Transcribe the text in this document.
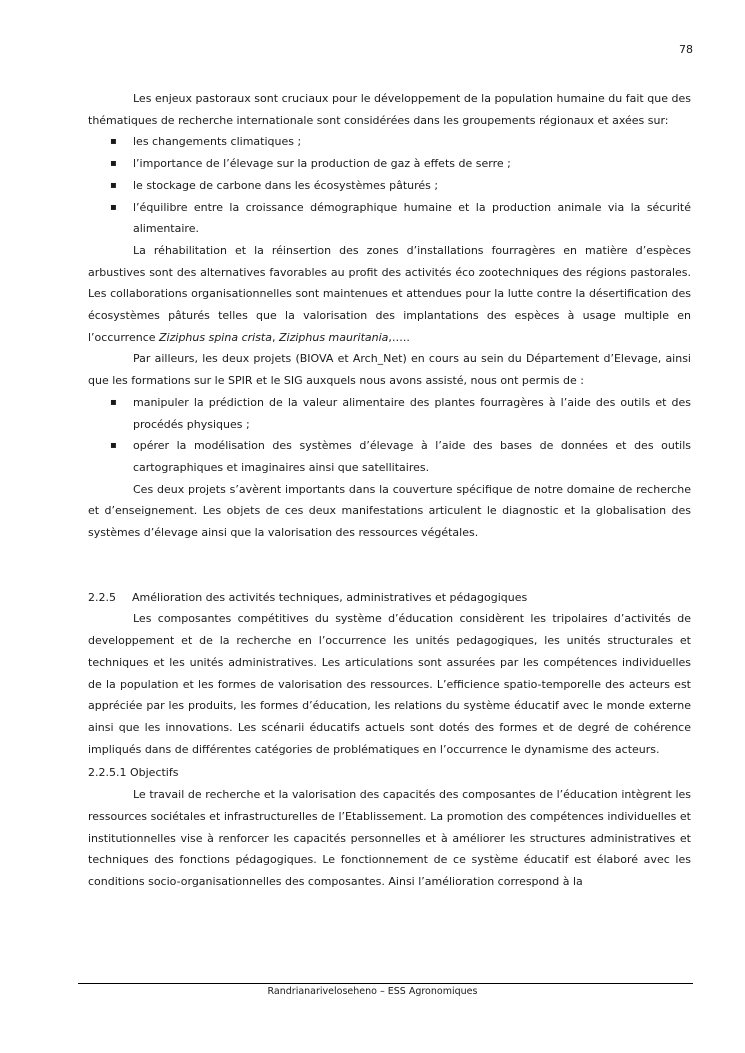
78

Les enjeux pastoraux sont cruciaux pour le développement de la population humaine du fait que des thématiques de recherche internationale sont considérées dans les groupements régionaux et axées sur:

▪ les changements climatiques ;
▪ l’importance de l’élevage sur la production de gaz à effets de serre ;
▪ le stockage de carbone dans les écosystèmes pâturés ;
▪ l’équilibre entre la croissance démographique humaine et la production animale via la sécurité alimentaire.

La réhabilitation et la réinsertion des zones d’installations fourragères en matière d’espèces arbustives sont des alternatives favorables au profit des activités éco zootechniques des régions pastorales. Les collaborations organisationnelles sont maintenues et attendues pour la lutte contre la désertification des écosystèmes pâturés telles que la valorisation des implantations des espèces à usage multiple en l’occurrence Ziziphus spina crista, Ziziphus mauritania,…..

Par ailleurs, les deux projets (BIOVA et Arch_Net) en cours au sein du Département d’Elevage, ainsi que les formations sur le SPIR et le SIG auxquels nous avons assisté, nous ont permis de :

▪ manipuler la prédiction de la valeur alimentaire des plantes fourragères à l’aide des outils et des procédés physiques ;
▪ opérer la modélisation des systèmes d’élevage à l’aide des bases de données et des outils cartographiques et imaginaires ainsi que satellitaires.

Ces deux projets s’avèrent importants dans la couverture spécifique de notre domaine de recherche et d’enseignement. Les objets de ces deux manifestations articulent le diagnostic et la globalisation des systèmes d’élevage ainsi que la valorisation des ressources végétales.

2.2.5 Amélioration des activités techniques, administratives et pédagogiques

Les composantes compétitives du système d’éducation considèrent les tripolaires d’activités de developpement et de la recherche en l’occurrence les unités pedagogiques, les unités structurales et techniques et les unités administratives. Les articulations sont assurées par les compétences individuelles de la population et les formes de valorisation des ressources. L’efficience spatio-temporelle des acteurs est appréciée par les produits, les formes d’éducation, les relations du système éducatif avec le monde externe ainsi que les innovations. Les scénarii éducatifs actuels sont dotés des formes et de degré de cohérence impliqués dans de différentes catégories de problématiques en l’occurrence le dynamisme des acteurs.

2.2.5.1 Objectifs

Le travail de recherche et la valorisation des capacités des composantes de l’éducation intègrent les ressources sociétales et infrastructurelles de l’Etablissement. La promotion des compétences individuelles et institutionnelles vise à renforcer les capacités personnelles et à améliorer les structures administratives et techniques des fonctions pédagogiques. Le fonctionnement de ce système éducatif est élaboré avec les conditions socio-organisationnelles des composantes. Ainsi l’amélioration correspond à la

Randrianariveloseheno – ESS Agronomiques
